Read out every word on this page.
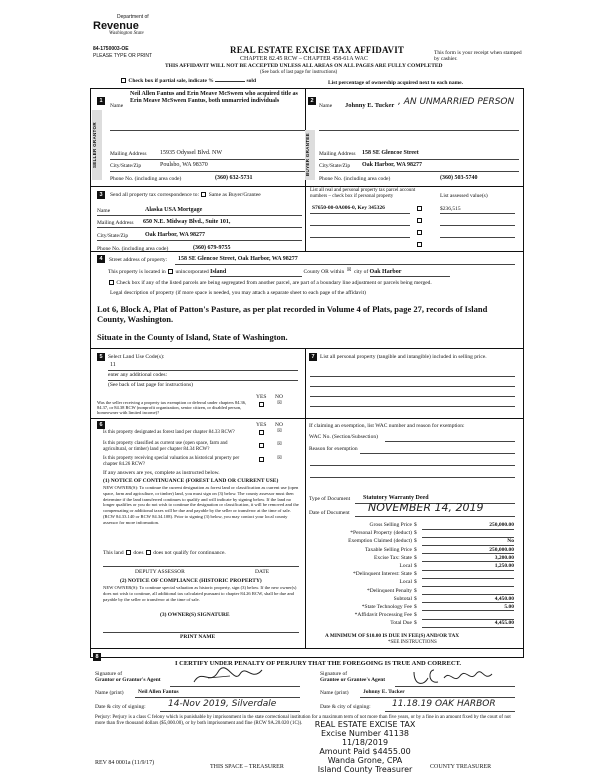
Department of
Revenue
Washington State
84-1750003-OE
PLEASE TYPE OR PRINT
REAL ESTATE EXCISE TAX AFFIDAVIT
CHAPTER 82.45 RCW – CHAPTER 458-61A WAC
THIS AFFIDAVIT WILL NOT BE ACCEPTED UNLESS ALL AREAS ON ALL PAGES ARE FULLY COMPLETED
(See back of last page for instructions)
This form is your receipt when stamped by cashier.
Check box if partial sale, indicate %	sold	List percentage of ownership acquired next to each name.
1
SELLER GRANTOR
Name
Neil Allen Fantus and Erin Meave McSween who acquired title as Erin Meave McSween Fantus, both unmarried individuals
Mailing Address 15935 Odyssel Blvd. NW
City/State/Zip	Poulsbo, WA 98370
Phone No. (including area code)	(360) 632-5731
2
BUYER GRANTEE
Name Johnny E. Tucker , AN UNMARRIED PERSON
Mailing Address 158 SE Glencoe Street
City/State/Zip Oak Harbor, WA 98277
Phone No. (including area code)	(360) 503-5740
3	Send all property tax correspondence to: Same as Buyer/Grantee
Name	Alaska USA Mortgage
Mailing Address 650 N.E. Midway Blvd., Suite 101,
City/State/Zip	Oak Harbor, WA 98277
Phone No. (including area code)	(360) 679-9755
List all real and personal property tax parcel account numbers – check box if personal property	List assessed value(s)
S7650-00-0A006-0, Key 345326	$236,515
4	Street address of property: 158 SE Glencoe Street, Oak Harbor, WA 98277
This property is located in unincorporated Island	County OR within ☒ city of Oak Harbor
Check box if any of the listed parcels are being segregated from another parcel, are part of a boundary line adjustment or parcels being merged.
Legal description of property (if more space is needed, you may attach a separate sheet to each page of the affidavit)
Lot 6, Block A, Plat of Patton's Pasture, as per plat recorded in Volume 4 of Plats, page 27, records of Island County, Washington.
Situate in the County of Island, State of Washington.
5 Select Land Use Code(s):
11
enter any additional codes:
(See back of last page for instructions)
YES NO
Was the seller receiving a property tax exemption or deferral under chapters 84.36, 84.37, or 84.38 RCW (nonprofit organization, senior citizen, or disabled person, homeowner with limited income)?
☒
6	YES NO
Is this property designated as forest land per chapter 84.33 RCW?	☒
Is this property classified as current use (open space, farm and agricultural, or timber) land per chapter 84.34 RCW?
☒
Is this property receiving special valuation as historical property per chapter 84.26 RCW?
☒
If any answers are yes, complete as instructed below.
(1) NOTICE OF CONTINUANCE (FOREST LAND OR CURRENT USE)
NEW OWNER(S): To continue the current designation as forest land or classification as current use (open space, farm and agriculture, or timber) land, you must sign on (3) below. The county assessor must then determine if the land transferred continues to qualify and will indicate by signing below. If the land no longer qualifies or you do not wish to continue the designation or classification, it will be removed and the compensating or additional taxes will be due and payable by the seller or transferor at the time of sale. (RCW 84.33.140 or RCW 84.34.108). Prior to signing (3) below, you may contact your local county assessor for more information.
This land does does not qualify for continuance.
DEPUTY ASSESSOR	DATE
(2) NOTICE OF COMPLIANCE (HISTORIC PROPERTY)
NEW OWNER(S): To continue special valuation as historic property, sign (3) below. If the new owner(s) does not wish to continue, all additional tax calculated pursuant to chapter 84.26 RCW, shall be due and payable by the seller or transferor at the time of sale.
(3) OWNER(S) SIGNATURE
PRINT NAME
7 List all personal property (tangible and intangible) included in selling price.
If claiming an exemption, list WAC number and reason for exemption:
WAC No. (Section/Subsection)
Reason for exemption
Type of Document Statutory Warranty Deed
Date of Document NOVEMBER 14, 2019
Gross Selling Price $	250,000.00
*Personal Property (deduct) $
Exemption Claimed (deduct) $	No
Taxable Selling Price $	250,000.00
Excise Tax: State $	3,200.00
Local $	1,250.00
*Delinquent Interest: State $
Local $
*Delinquent Penalty $
Subtotal $	4,450.00
*State Technology Fee $	5.00
*Affidavit Processing Fee $
Total Due $	4,455.00
A MINIMUM OF $10.00 IS DUE IN FEE(S) AND/OR TAX
*SEE INSTRUCTIONS
8
I CERTIFY UNDER PENALTY OF PERJURY THAT THE FOREGOING IS TRUE AND CORRECT.
Signature of
Grantor or Grantor's Agent
Signature of
Grantee or Grantee's Agent
Name (print)	Neil Allen Fantus	Name (print)	Johnny E. Tucker
Date & city of signing: 14-Nov 2019, Silverdale	Date & city of signing: 11.18.19 OAK HARBOR
Perjury: Perjury is a class C felony which is punishable by imprisonment in the state correctional institution for a maximum term of not more than five years, or by a fine in an amount fixed by the court of not more than five thousand dollars ($5,000.00), or by both imprisonment and fine (RCW 9A.20.020 (1C)).
REV 84 0001a (11/9/17)
THIS SPACE – TREASURER	COUNTY TREASURER
REAL ESTATE EXCISE TAX
Excise Number 41138
11/18/2019
Amount Paid $4455.00
Wanda Grone, CPA
Island County Treasurer
